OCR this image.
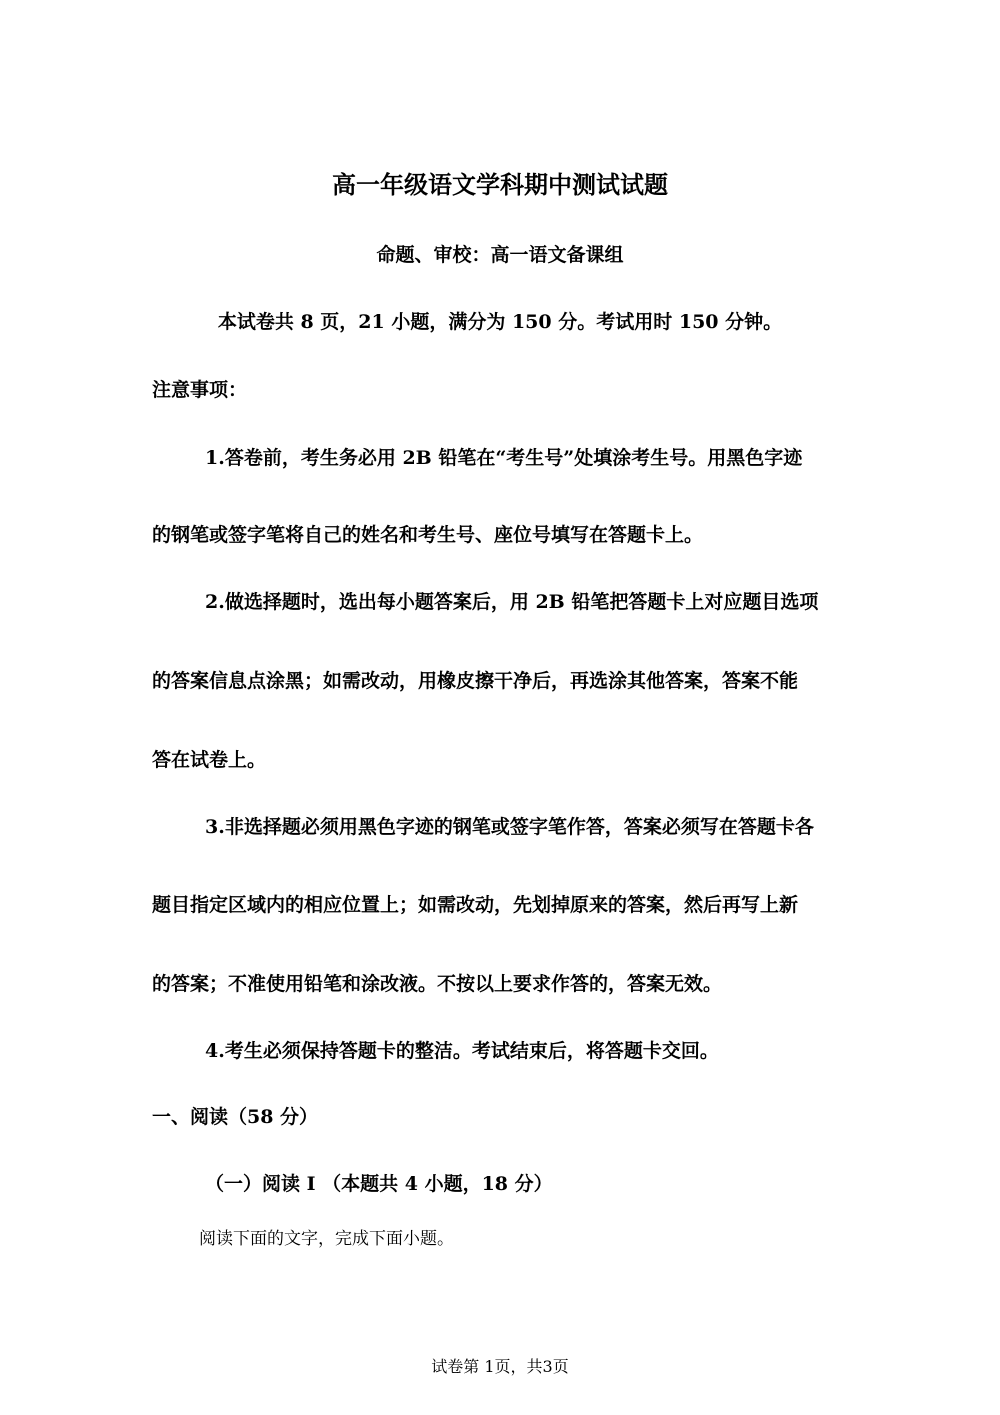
高一年级语文学科期中测试试题
命题、审校：高一语文备课组
本试卷共 8 页，21 小题，满分为 150 分。考试用时 150 分钟。
注意事项：
1.答卷前，考生务必用 2B 铅笔在“考生号”处填涂考生号。用黑色字迹
的钢笔或签字笔将自己的姓名和考生号、座位号填写在答题卡上。
2.做选择题时，选出每小题答案后，用 2B 铅笔把答题卡上对应题目选项
的答案信息点涂黑；如需改动，用橡皮擦干净后，再选涂其他答案，答案不能
答在试卷上。
3.非选择题必须用黑色字迹的钢笔或签字笔作答，答案必须写在答题卡各
题目指定区域内的相应位置上；如需改动，先划掉原来的答案，然后再写上新
的答案；不准使用铅笔和涂改液。不按以上要求作答的，答案无效。
4.考生必须保持答题卡的整洁。考试结束后，将答题卡交回。
一、阅读（58 分）
（一）阅读 I （本题共 4 小题，18 分）
阅读下面的文字，完成下面小题。
试卷第 1页，共3页
